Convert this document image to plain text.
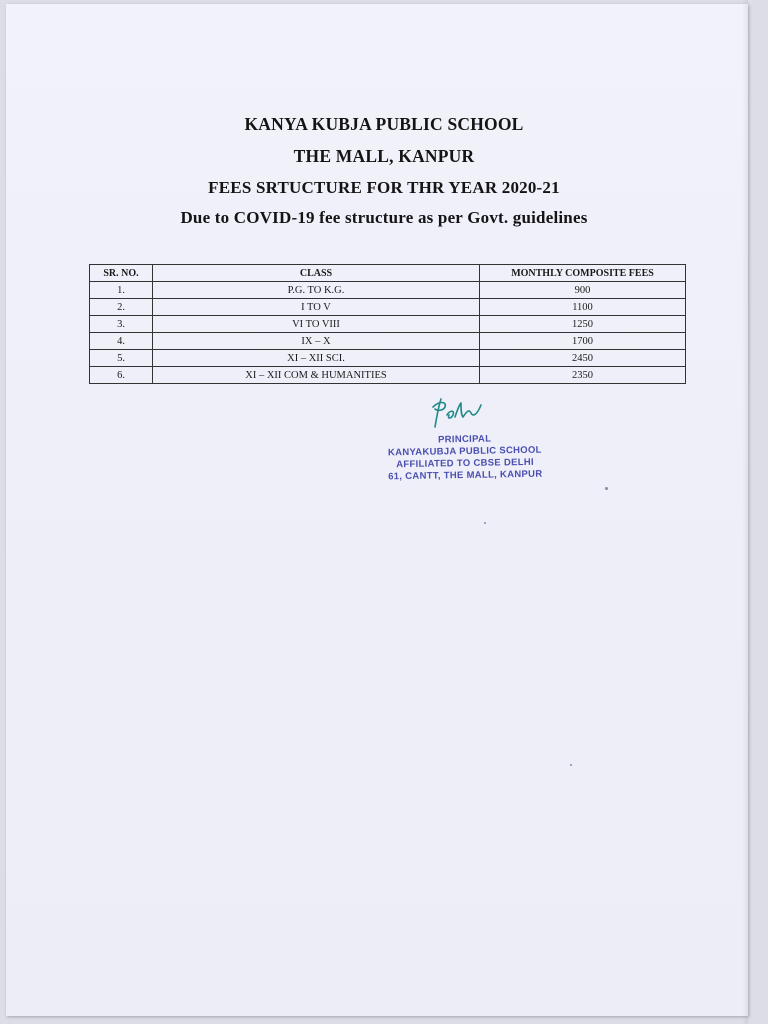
KANYA KUBJA PUBLIC SCHOOL
THE MALL, KANPUR
FEES SRTUCTURE FOR THR YEAR 2020-21
Due to COVID-19 fee structure as per Govt. guidelines
SR. NO.	CLASS	MONTHLY COMPOSITE FEES
1.	P.G. TO K.G.	900
2.	I TO V	1100
3.	VI TO VIII	1250
4.	IX – X	1700
5.	XI – XII SCI.	2450
6.	XI – XII COM & HUMANITIES	2350
PRINCIPAL
KANYAKUBJA PUBLIC SCHOOL
AFFILIATED TO CBSE DELHI
61, CANTT, THE MALL, KANPUR
